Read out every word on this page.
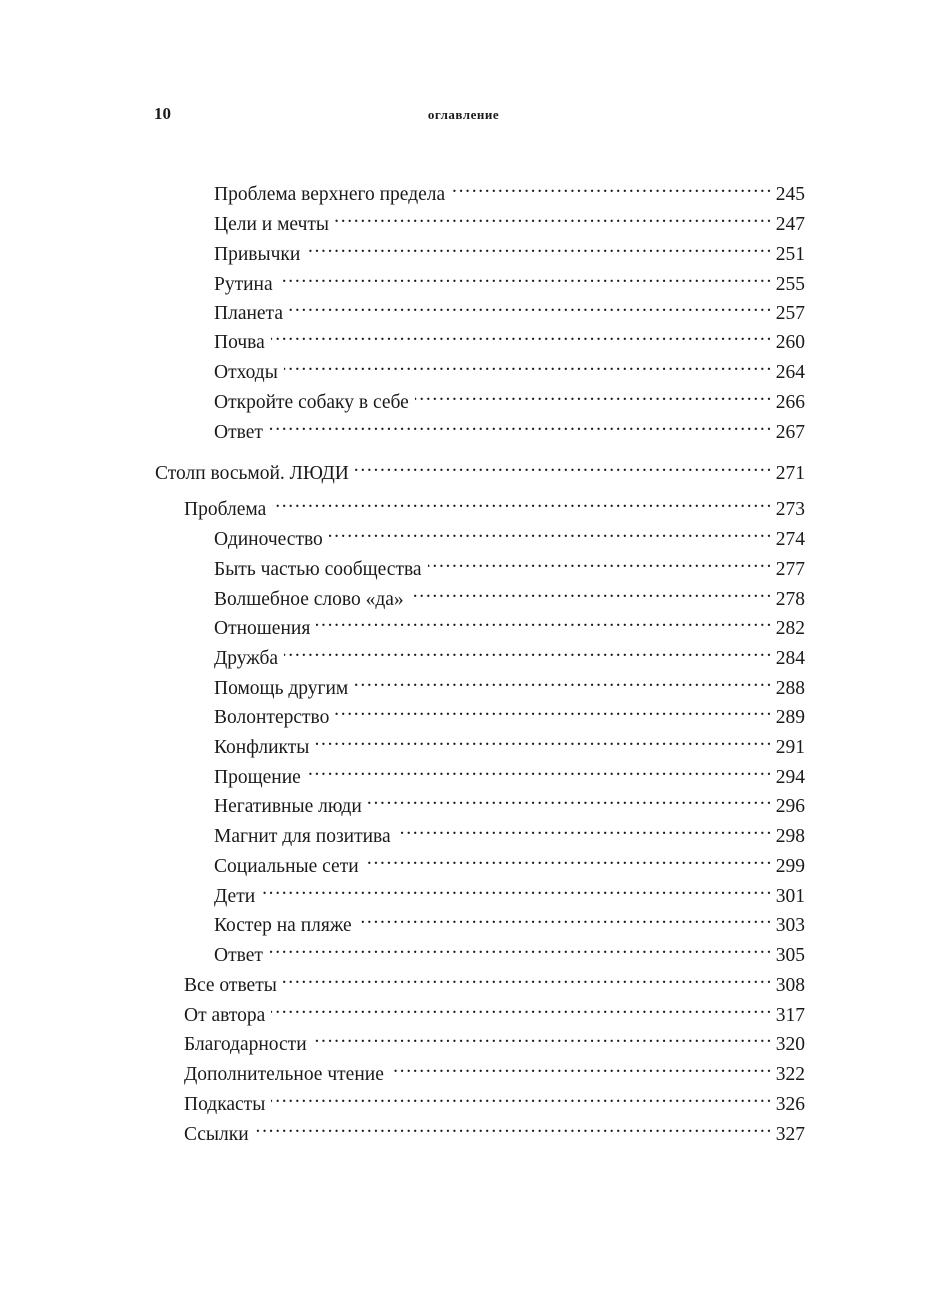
10	оглавление
Проблема верхнего предела . . .	245
Цели и мечты . . .	247
Привычки . . .	251
Рутина . . .	255
Планета . . .	257
Почва . . .	260
Отходы . . .	264
Откройте собаку в себе . . .	266
Ответ . . .	267
Столп восьмой. ЛЮДИ . . .	271
Проблема . . .	273
Одиночество . . .	274
Быть частью сообщества . . .	277
Волшебное слово «да» . . .	278
Отношения . . .	282
Дружба . . .	284
Помощь другим . . .	288
Волонтерство . . .	289
Конфликты . . .	291
Прощение . . .	294
Негативные люди . . .	296
Магнит для позитива . . .	298
Социальные сети . . .	299
Дети . . .	301
Костер на пляже . . .	303
Ответ . . .	305
Все ответы . . .	308
От автора . . .	317
Благодарности . . .	320
Дополнительное чтение . . .	322
Подкасты . . .	326
Ссылки . . .	327
